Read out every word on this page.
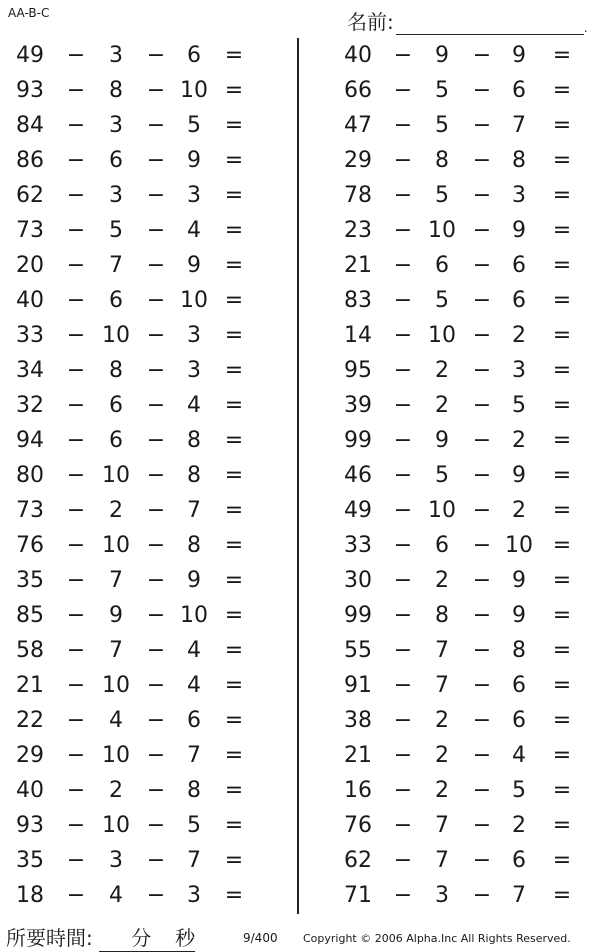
AA-B-C	名前:	.
49 −	3	− 6	=
93 −	8	− 10 =
84 −	3	− 5	=
86 −	6	− 9	=
62 −	3	− 3	=
73 −	5	− 4	=
20 −	7	− 9	=
40 −	6	− 10 =
33 − 10 − 3	=
34 −	8	− 3	=
32 −	6	− 4	=
94 −	6	− 8	=
80 − 10 − 8	=
73 −	2	− 7	=
76 − 10 − 8	=
35 −	7	− 9	=
85 −	9	− 10 =
58 −	7	− 4	=
21 − 10 − 4	=
22 −	4	− 6	=
29 − 10 − 7	=
40 −	2	− 8	=
93 − 10 − 5	=
35 −	3	− 7	=
18 −	4	− 3	=
40 −	9	− 9	=
66 −	5	− 6	=
47 −	5	− 7	=
29 −	8	− 8	=
78 −	5	− 3	=
23 − 10 − 9	=
21 −	6	− 6	=
83 −	5	− 6	=
14 − 10 − 2	=
95 −	2	− 3	=
39 −	2	− 5	=
99 −	9	− 2	=
46 −	5	− 9	=
49 − 10 − 2	=
33 −	6	− 10 =
30 −	2	− 9	=
99 −	8	− 9	=
55 −	7	− 8	=
91 −	7	− 6	=
38 −	2	− 6	=
21 −	2	− 4	=
16 −	2	− 5	=
76 −	7	− 2	=
62 −	7	− 6	=
71 −	3	− 7	=
所要時間: 分 秒	9/400 Copyright © 2006 Alpha.Inc All Rights Reserved.
